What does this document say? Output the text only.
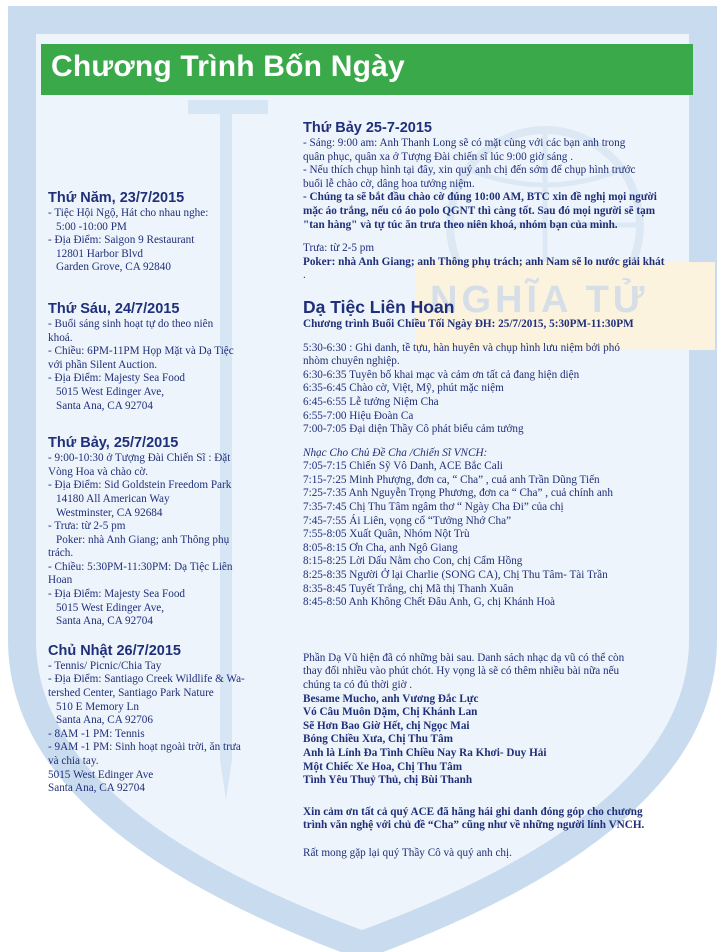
NGHĨA TỬ
Chương Trình Bốn Ngày
Thứ Năm, 23/7/2015
- Tiệc Hội Ngộ, Hát cho nhau nghe:
5:00 -10:00 PM
- Địa Điểm: Saigon 9 Restaurant
12801 Harbor Blvd
Garden Grove, CA 92840
Thứ Sáu, 24/7/2015
- Buổi sáng sinh hoạt tự do theo niên
khoá.
- Chiều: 6PM-11PM Họp Mặt và Dạ Tiệc
với phần Silent Auction.
- Địa Điểm: Majesty Sea Food
5015 West Edinger Ave,
Santa Ana, CA 92704
Thứ Bảy, 25/7/2015
- 9:00-10:30 ở Tượng Đài Chiến Sĩ : Đặt
Vòng Hoa và chào cờ.
- Địa Điểm: Sid Goldstein Freedom Park
14180 All American Way
Westminster, CA 92684
- Trưa: từ 2-5 pm
Poker: nhà Anh Giang; anh Thông phụ
trách.
- Chiều: 5:30PM-11:30PM: Dạ Tiệc Liên
Hoan
- Địa Điểm: Majesty Sea Food
5015 West Edinger Ave,
Santa Ana, CA 92704
Chủ Nhật 26/7/2015
- Tennis/ Picnic/Chia Tay
- Địa Điểm: Santiago Creek Wildlife & Wa-
tershed Center, Santiago Park Nature
510 E Memory Ln
Santa Ana, CA 92706
- 8AM -1 PM: Tennis
- 9AM -1 PM: Sinh hoạt ngoài trời, ăn trưa
và chia tay.
5015 West Edinger Ave
Santa Ana, CA 92704
Thứ Bảy 25-7-2015
- Sáng: 9:00 am: Anh Thanh Long sẽ có mặt cùng với các bạn anh trong
quân phục, quân xa ở Tượng Đài chiến sĩ lúc 9:00 giờ sáng .
- Nếu thích chụp hình tại đây, xin quý anh chị đến sớm để chụp hình trước
buổi lễ chào cờ, dâng hoa tưởng niệm.
- Chúng ta sẽ bắt đầu chào cờ đúng 10:00 AM, BTC xin đề nghị mọi người
mặc áo trắng, nếu có áo polo QGNT thì càng tốt. Sau đó mọi người sẽ tạm
"tan hàng" và tự túc ăn trưa theo niên khoá, nhóm bạn của mình.
Trưa: từ 2-5 pm
Poker: nhà Anh Giang; anh Thông phụ trách; anh Nam sẽ lo nước giải khát
.
Dạ Tiệc Liên Hoan
Chương trình Buổi Chiều Tối Ngày ĐH: 25/7/2015, 5:30PM-11:30PM
5:30-6:30 : Ghi danh, tề tựu, hàn huyên và chụp hình lưu niệm bởi phó
nhòm chuyên nghiệp.
6:30-6:35 Tuyên bố khai mạc và cảm ơn tất cả đang hiện diện
6:35-6:45 Chào cờ, Việt, Mỹ, phút mặc niệm
6:45-6:55 Lễ tưởng Niệm Cha
6:55-7:00 Hiệu Đoàn Ca
7:00-7:05 Đại diện Thầy Cô phát biểu cảm tưởng
Nhạc Cho Chủ Đề Cha /Chiến Sĩ VNCH:
7:05-7:15 Chiến Sỹ Vô Danh, ACE Bắc Cali
7:15-7:25 Minh Phượng, đơn ca, “ Cha” , cuả anh Trần Dũng Tiến
7:25-7:35 Anh Nguyễn Trọng Phương, đơn ca “ Cha” , cuả chính anh
7:35-7:45 Chị Thu Tâm ngâm thơ “ Ngày Cha Đi” của chị
7:45-7:55 Ái Liên, vọng cổ “Tưởng Nhớ Cha”
7:55-8:05 Xuất Quân, Nhóm Nột Trù
8:05-8:15 Ơn Cha, anh Ngô Giang
8:15-8:25 Lời Dấu Nằm cho Con, chị Cẩm Hồng
8:25-8:35 Người Ở lại Charlie (SONG CA), Chị Thu Tâm- Tài Trần
8:35-8:45 Tuyết Trắng, chị Mã thị Thanh Xuân
8:45-8:50 Anh Không Chết Đâu Anh, G, chị Khánh Hoà
Phần Dạ Vũ hiện đã có những bài sau. Danh sách nhạc dạ vũ có thể còn
thay đổi nhiều vào phút chót. Hy vọng là sẽ có thêm nhiều bài nữa nếu
chúng ta có đủ thời giờ .
Besame Mucho, anh Vương Đắc Lực
Vó Câu Muôn Dặm, Chị Khánh Lan
Sẽ Hơn Bao Giờ Hết, chị Ngọc Mai
Bóng Chiều Xưa, Chị Thu Tâm
Anh là Lính Đa Tình Chiều Nay Ra Khơi- Duy Hải
Một Chiếc Xe Hoa, Chị Thu Tâm
Tình Yêu Thuỷ Thủ, chị Bùi Thanh
Xin cảm ơn tất cả quý ACE đã hăng hái ghi danh đóng góp cho chương
trình văn nghệ với chủ đề “Cha” cũng như về những người lính VNCH.
Rất mong gặp lại quý Thầy Cô và quý anh chị.
